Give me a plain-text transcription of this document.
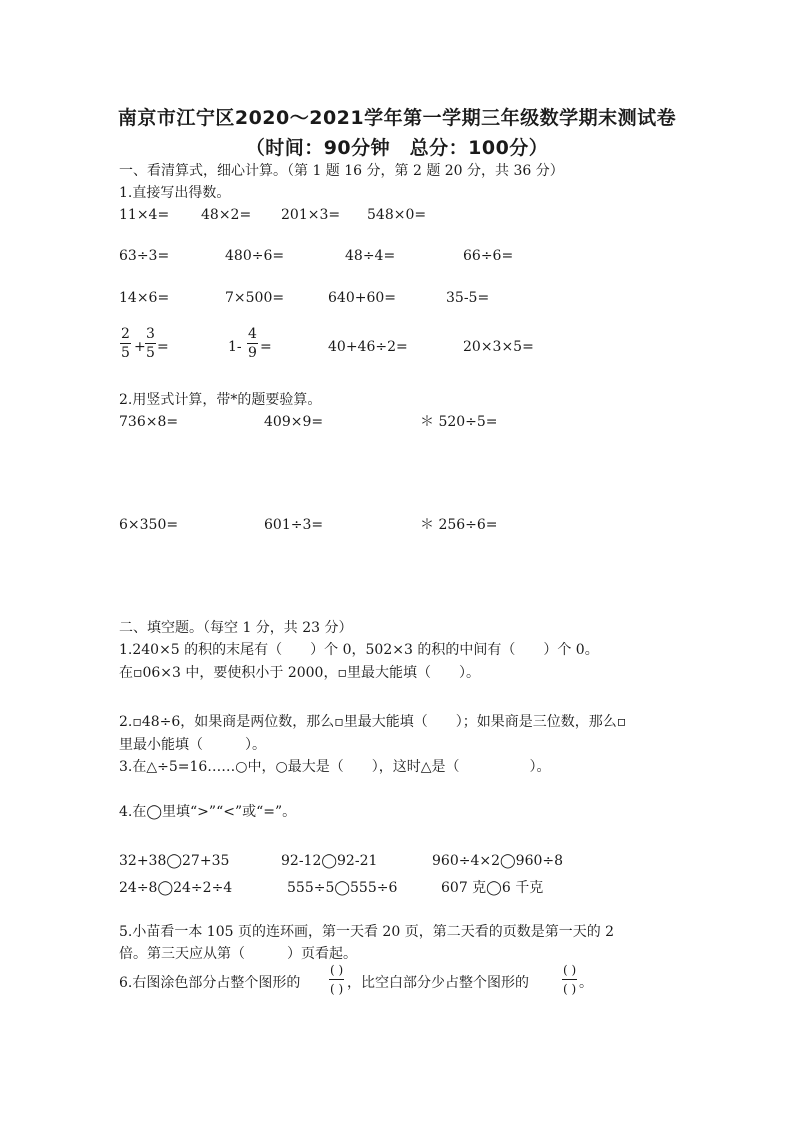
南京市江宁区2020～2021学年第一学期三年级数学期末测试卷
（时间：90分钟　总分：100分）
一、看清算式，细心计算。（第 1 题 16 分，第 2 题 20 分，共 36 分）
1.直接写出得数。
11×4= 48×2= 201×3= 548×0=
63÷3=	480÷6=	48÷4=	66÷6=
14×6=	7×500=	640+60=	35-5=
2
5 +
3
5 =	1-
4
9 =	40+46÷2=	20×3×5=
2.用竖式计算，带*的题要验算。
736×8=	409×9=	＊ 520÷5=
6×350=	601÷3=	＊ 256÷6=
二、填空题。（每空 1 分，共 23 分）
1.240×5 的积的末尾有（　　）个 0，502×3 的积的中间有（　　）个 0。
在▫06×3 中，要使积小于 2000，▫里最大能填（　　）。
2.▫48÷6，如果商是两位数，那么▫里最大能填（　　）；如果商是三位数，那么▫
里最小能填（　　　）。
3.在△÷5=16……○中，○最大是（　　），这时△是（　　　　　）。
4.在◯里填“>”“<”或“=”。
32+38◯27+35	92-12◯92-21	960÷4×2◯960÷8
24÷8◯24÷2÷4	555÷5◯555÷6	607 克◯6 千克
5.小苗看一本 105 页的连环画，第一天看 20 页，第二天看的页数是第一天的 2
倍。第三天应从第（　　　）页看起。
6.右图涂色部分占整个图形的
( )
( ) ，比空白部分少占整个图形的
( )
( ) 。
